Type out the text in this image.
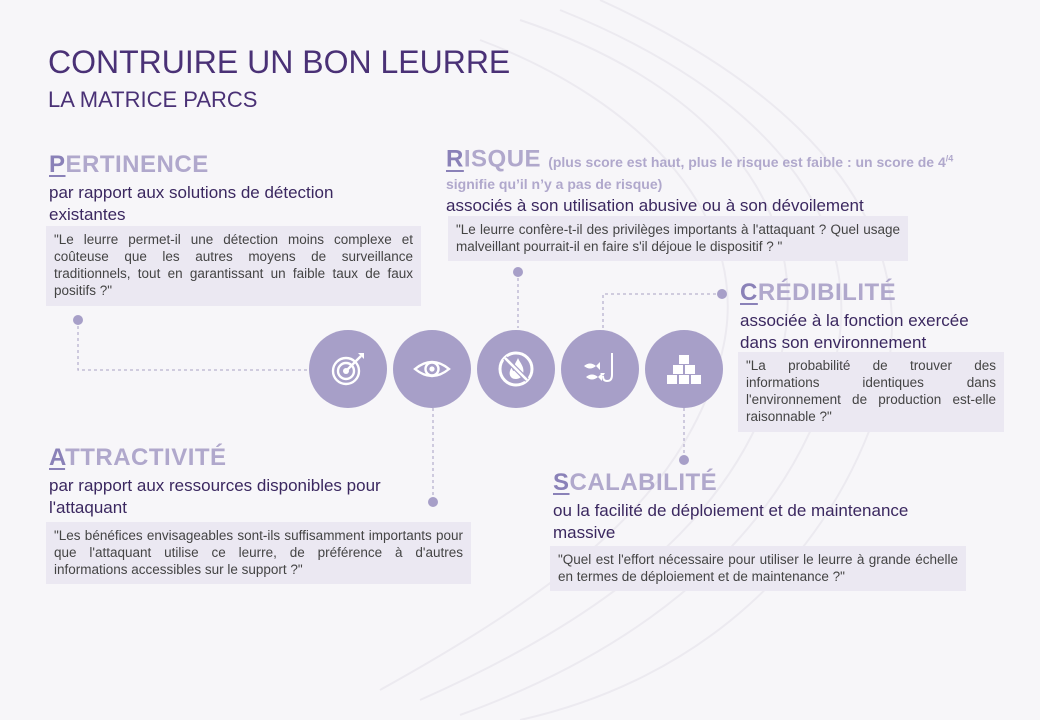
CONTRUIRE UN BON LEURRE
LA MATRICE PARCS
PERTINENCE
par rapport aux solutions de détection existantes
"Le leurre permet-il une détection moins complexe et coûteuse que les autres moyens de surveillance traditionnels, tout en garantissant un faible taux de faux positifs ?"
RISQUE (plus score est haut, plus le risque est faible : un score de $4^{/4}$
signifie qu’il n’y a pas de risque)
associés à son utilisation abusive ou à son dévoilement
"Le leurre confère-t-il des privilèges importants à l'attaquant ? Quel usage malveillant pourrait-il en faire s'il déjoue le dispositif ? "
CRÉDIBILITÉ
associée à la fonction exercée dans son environnement
"La probabilité de trouver des informations identiques dans l'environnement de production est-elle raisonnable ?"
ATTRACTIVITÉ
par rapport aux ressources disponibles pour l'attaquant
"Les bénéfices envisageables sont-ils suffisamment importants pour que l'attaquant utilise ce leurre, de préférence à d'autres informations accessibles sur le support ?"
SCALABILITÉ
ou la facilité de déploiement et de maintenance massive
"Quel est l'effort nécessaire pour utiliser le leurre à grande échelle en termes de déploiement et de maintenance ?"
